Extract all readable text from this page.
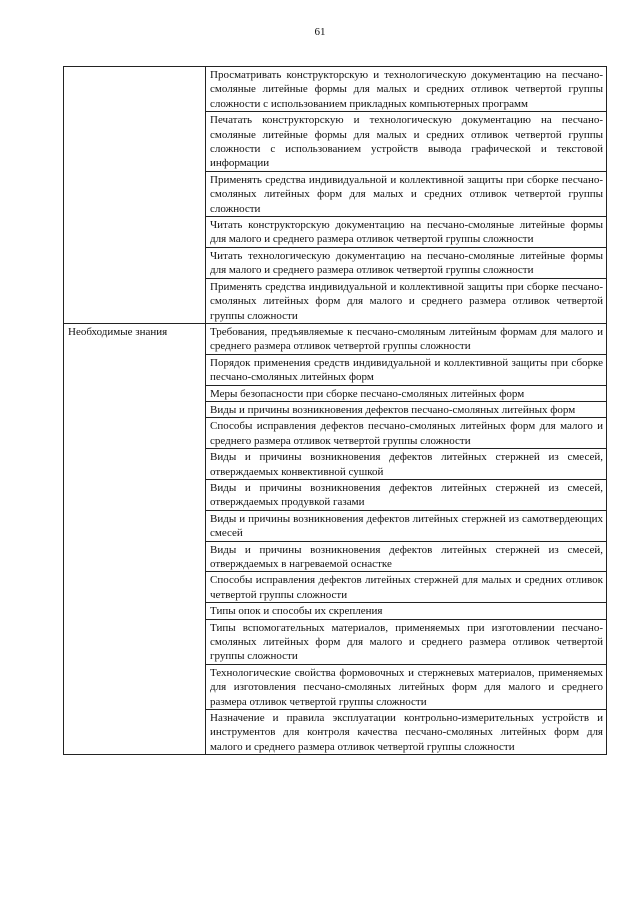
61
	Просматривать конструкторскую и технологическую документацию на песчано-смоляные литейные формы для малых и средних отливок четвертой группы сложности с использованием прикладных компьютерных программ
	Печатать конструкторскую и технологическую документацию на песчано-смоляные литейные формы для малых и средних отливок четвертой группы сложности с использованием устройств вывода графической и текстовой информации
	Применять средства индивидуальной и коллективной защиты при сборке песчано-смоляных литейных форм для малых и средних отливок четвертой группы сложности
	Читать конструкторскую документацию на песчано-смоляные литейные формы для малого и среднего размера отливок четвертой группы сложности
	Читать технологическую документацию на песчано-смоляные литейные формы для малого и среднего размера отливок четвертой группы сложности
	Применять средства индивидуальной и коллективной защиты при сборке песчано-смоляных литейных форм для малого и среднего размера отливок четвертой группы сложности
Необходимые знания	Требования, предъявляемые к песчано-смоляным литейным формам для малого и среднего размера отливок четвертой группы сложности
	Порядок применения средств индивидуальной и коллективной защиты при сборке песчано-смоляных литейных форм
	Меры безопасности при сборке песчано-смоляных литейных форм
	Виды и причины возникновения дефектов песчано-смоляных литейных форм
	Способы исправления дефектов песчано-смоляных литейных форм для малого и среднего размера отливок четвертой группы сложности
	Виды и причины возникновения дефектов литейных стержней из смесей, отверждаемых конвективной сушкой
	Виды и причины возникновения дефектов литейных стержней из смесей, отверждаемых продувкой газами
	Виды и причины возникновения дефектов литейных стержней из самотвердеющих смесей
	Виды и причины возникновения дефектов литейных стержней из смесей, отверждаемых в нагреваемой оснастке
	Способы исправления дефектов литейных стержней для малых и средних отливок четвертой группы сложности
	Типы опок и способы их скрепления
	Типы вспомогательных материалов, применяемых при изготовлении песчано-смоляных литейных форм для малого и среднего размера отливок четвертой группы сложности
	Технологические свойства формовочных и стержневых материалов, применяемых для изготовления песчано-смоляных литейных форм для малого и среднего размера отливок четвертой группы сложности
	Назначение и правила эксплуатации контрольно-измерительных устройств и инструментов для контроля качества песчано-смоляных литейных форм для малого и среднего размера отливок четвертой группы сложности
